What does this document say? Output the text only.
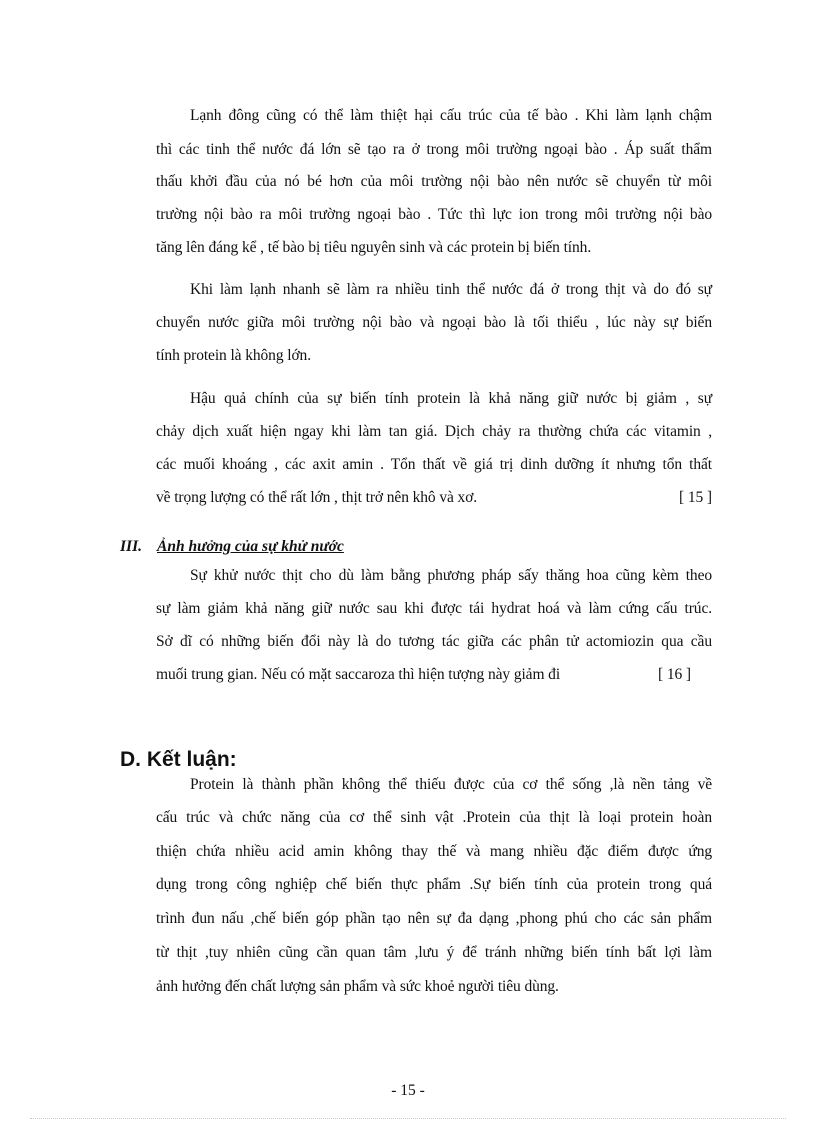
Lạnh đông cũng có thể làm thiệt hại cấu trúc của tế bào . Khi làm lạnh chậm

thì các tinh thể nước đá lớn sẽ tạo ra ở trong môi trường ngoại bào . Áp suất thẩm

thấu khởi đầu của nó bé hơn của môi trường nội bào nên nước sẽ chuyển từ môi

trường nội bào ra môi trường ngoại bào . Tức thì lực ion trong môi trường nội bào

tăng lên đáng kể , tế bào bị tiêu nguyên sinh và các protein bị biến tính.

Khi làm lạnh nhanh sẽ làm ra nhiều tinh thể nước đá ở trong thịt và do đó sự

chuyển nước giữa môi trường nội bào và ngoại bào là tối thiểu , lúc này sự biến

tính protein là không lớn.

Hậu quả chính của sự biến tính protein là khả năng giữ nước bị giảm , sự

chảy dịch xuất hiện ngay khi làm tan giá. Dịch chảy ra thường chứa các vitamin ,

các muối khoáng , các axit amin . Tổn thất về giá trị dinh dưỡng ít nhưng tổn thất

về trọng lượng có thể rất lớn , thịt trở nên khô và xơ.	[ 15 ]
III. Ảnh hưởng của sự khử nước

Sự khử nước thịt cho dù làm bằng phương pháp sấy thăng hoa cũng kèm theo

sự làm giảm khả năng giữ nước sau khi được tái hydrat hoá và làm cứng cấu trúc.

Sở dĩ có những biến đổi này là do tương tác giữa các phân tử actomiozin qua cầu

muối trung gian. Nếu có mặt saccaroza thì hiện tượng này giảm đi	[ 16 ]
D. Kết luận:

Protein là thành phần không thể thiếu được của cơ thể sống ,là nền tảng về

cấu trúc và chức năng của cơ thể sinh vật .Protein của thịt là loại protein hoàn

thiện chứa nhiều acid amin không thay thế và mang nhiều đặc điểm được ứng

dụng trong công nghiệp chế biến thực phẩm .Sự biến tính của protein trong quá

trình đun nấu ,chế biến góp phần tạo nên sự đa dạng ,phong phú cho các sản phẩm

từ thịt ,tuy nhiên cũng cần quan tâm ,lưu ý để tránh những biến tính bất lợi làm

ảnh hưởng đến chất lượng sản phẩm và sức khoẻ người tiêu dùng.

- 15 -
